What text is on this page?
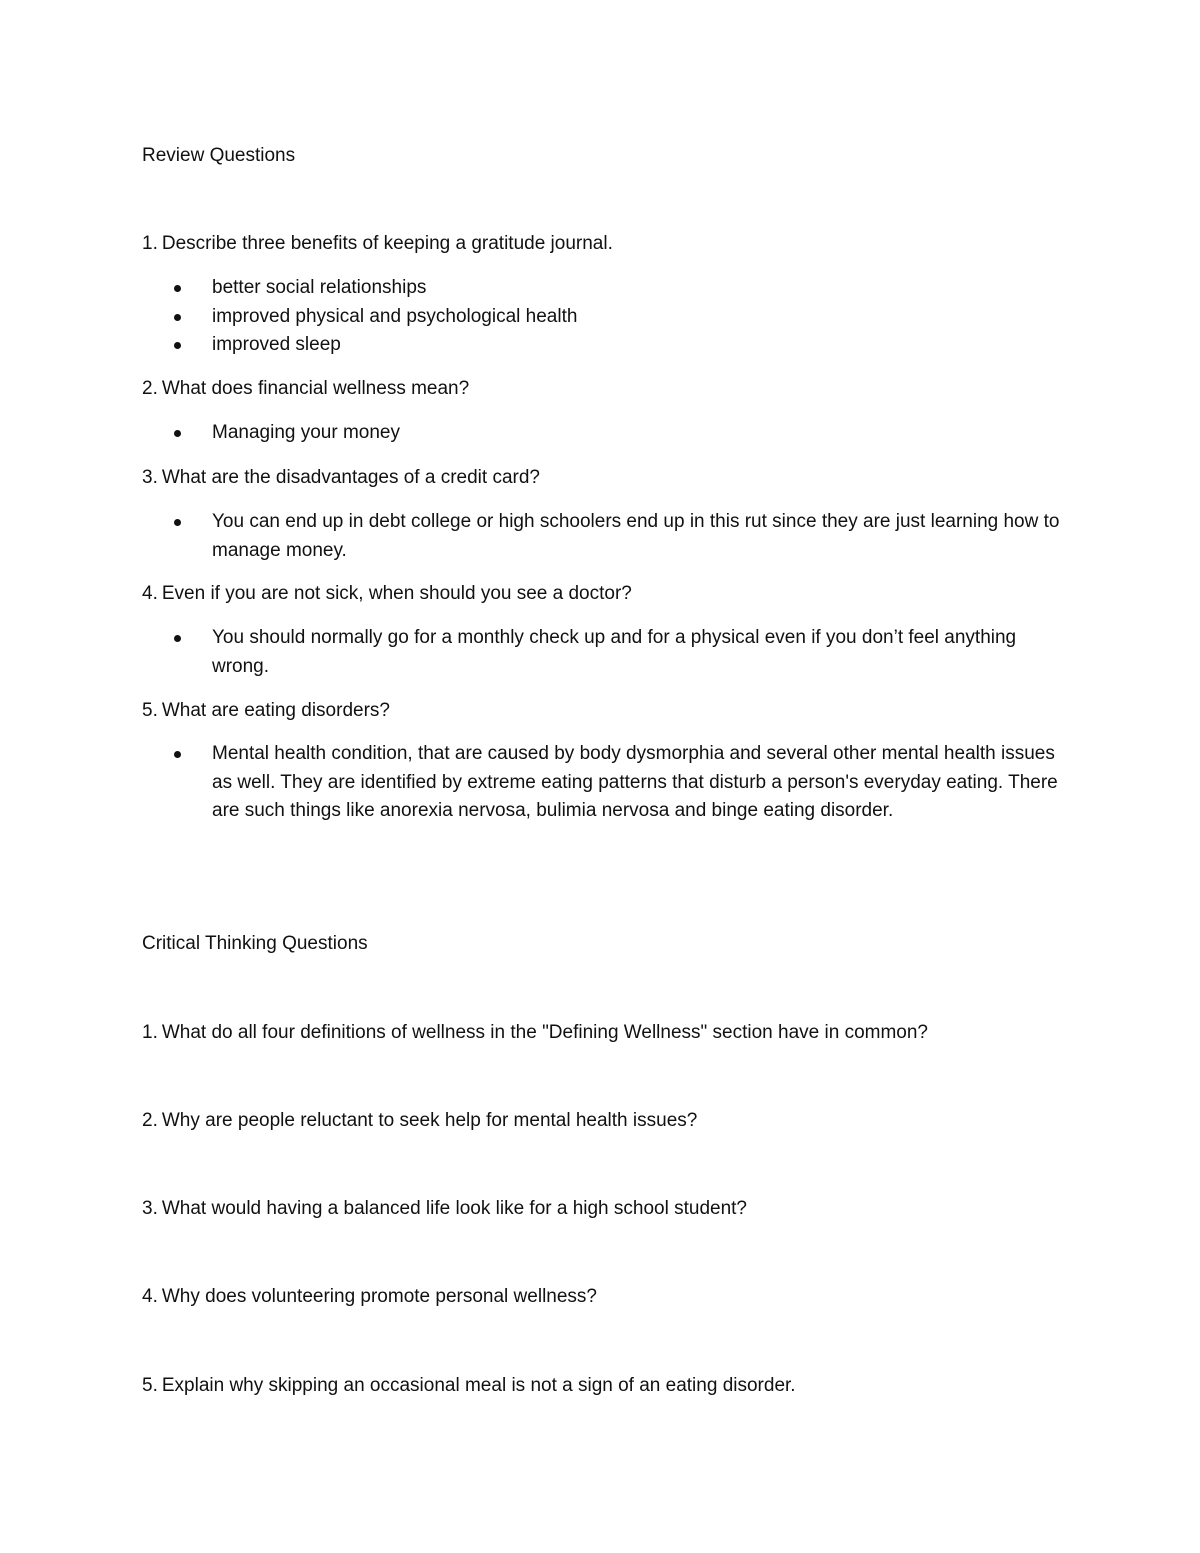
Review Questions
1. Describe three benefits of keeping a gratitude journal.
better social relationships
improved physical and psychological health
improved sleep
2. What does financial wellness mean?
Managing your money
3. What are the disadvantages of a credit card?
You can end up in debt college or high schoolers end up in this rut since they are just learning how to manage money.
4. Even if you are not sick, when should you see a doctor?
You should normally go for a monthly check up and for a physical even if you don’t feel anything wrong.
5. What are eating disorders?
Mental health condition, that are caused by body dysmorphia and several other mental health issues as well. They are identified by extreme eating patterns that disturb a person's everyday eating. There are such things like anorexia nervosa, bulimia nervosa and binge eating disorder.
Critical Thinking Questions
1. What do all four definitions of wellness in the "Defining Wellness" section have in common?
2. Why are people reluctant to seek help for mental health issues?
3. What would having a balanced life look like for a high school student?
4. Why does volunteering promote personal wellness?
5. Explain why skipping an occasional meal is not a sign of an eating disorder.
